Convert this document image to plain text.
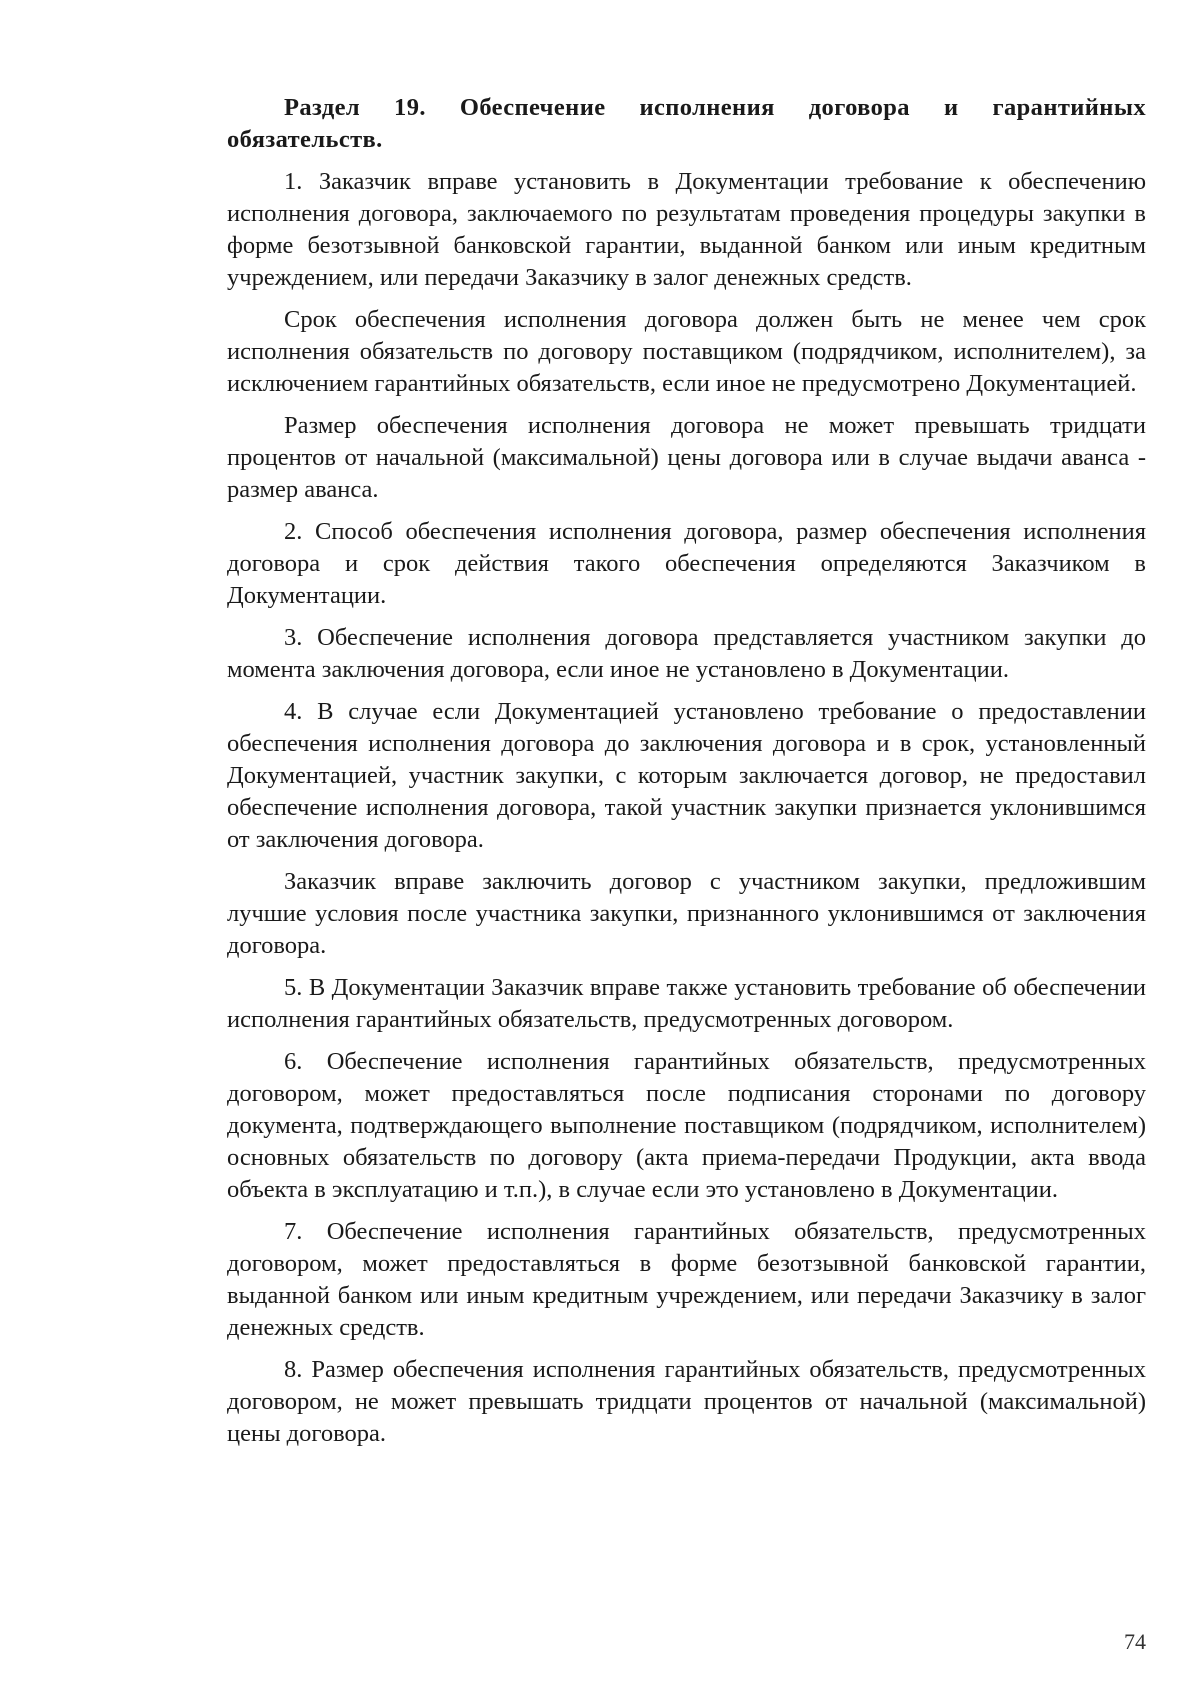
Раздел 19. Обеспечение исполнения договора и гарантийных обязательств.

1. Заказчик вправе установить в Документации требование к обеспечению исполнения договора, заключаемого по результатам проведения процедуры закупки в форме безотзывной банковской гарантии, выданной банком или иным кредитным учреждением, или передачи Заказчику в залог денежных средств.

Срок обеспечения исполнения договора должен быть не менее чем срок исполнения обязательств по договору поставщиком (подрядчиком, исполнителем), за исключением гарантийных обязательств, если иное не предусмотрено Документацией.

Размер обеспечения исполнения договора не может превышать тридцати процентов от начальной (максимальной) цены договора или в случае выдачи аванса - размер аванса.

2. Способ обеспечения исполнения договора, размер обеспечения исполнения договора и срок действия такого обеспечения определяются Заказчиком в Документации.

3. Обеспечение исполнения договора представляется участником закупки до момента заключения договора, если иное не установлено в Документации.

4. В случае если Документацией установлено требование о предоставлении обеспечения исполнения договора до заключения договора и в срок, установленный Документацией, участник закупки, с которым заключается договор, не предоставил обеспечение исполнения договора, такой участник закупки признается уклонившимся от заключения договора.

Заказчик вправе заключить договор с участником закупки, предложившим лучшие условия после участника закупки, признанного уклонившимся от заключения договора.

5. В Документации Заказчик вправе также установить требование об обеспечении исполнения гарантийных обязательств, предусмотренных договором.

6. Обеспечение исполнения гарантийных обязательств, предусмотренных договором, может предоставляться после подписания сторонами по договору документа, подтверждающего выполнение поставщиком (подрядчиком, исполнителем) основных обязательств по договору (акта приема-передачи Продукции, акта ввода объекта в эксплуатацию и т.п.), в случае если это установлено в Документации.

7. Обеспечение исполнения гарантийных обязательств, предусмотренных договором, может предоставляться в форме безотзывной банковской гарантии, выданной банком или иным кредитным учреждением, или передачи Заказчику в залог денежных средств.

8. Размер обеспечения исполнения гарантийных обязательств, предусмотренных договором, не может превышать тридцати процентов от начальной (максимальной) цены договора.

74
